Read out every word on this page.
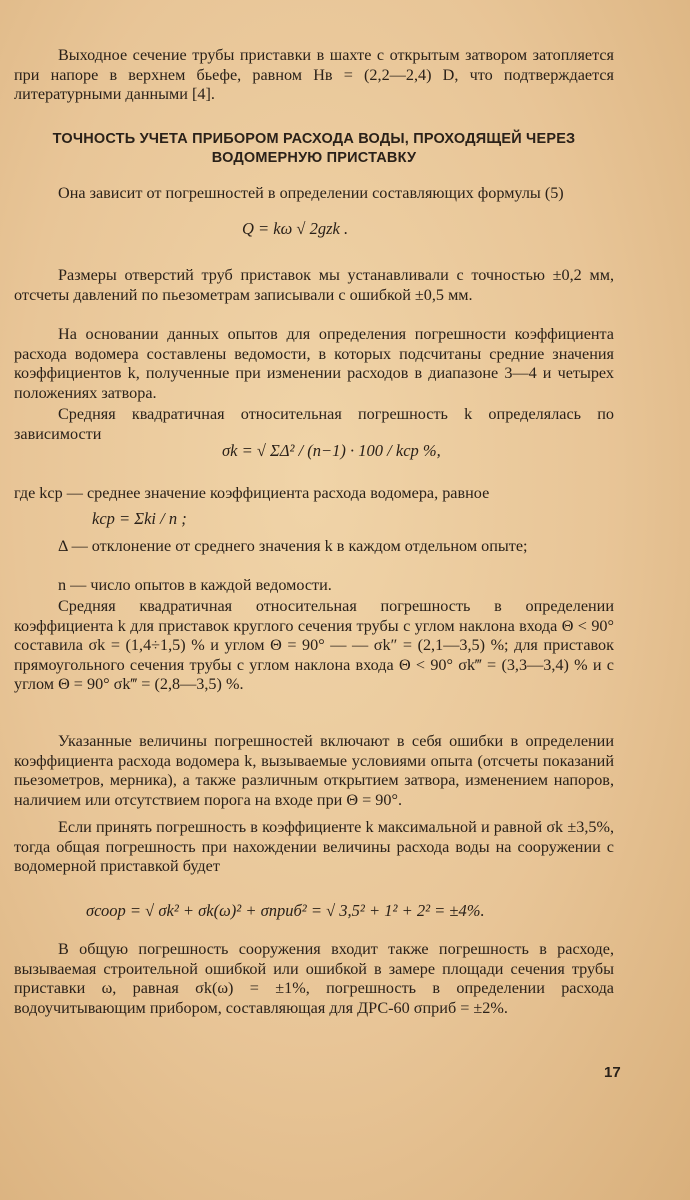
Выходное сечение трубы приставки в шахте с открытым затвором затопляется при напоре в верхнем бьефе, равном Hв = (2,2—2,4) D, что подтверждается литературными данными [4].

ТОЧНОСТЬ УЧЕТА ПРИБОРОМ РАСХОДА ВОДЫ, ПРОХОДЯЩЕЙ ЧЕРЕЗ ВОДОМЕРНУЮ ПРИСТАВКУ

Она зависит от погрешностей в определении составляющих формулы (5)

Q = kω √ 2gzk .

Размеры отверстий труб приставок мы устанавливали с точностью ±0,2 мм, отсчеты давлений по пьезометрам записывали с ошибкой ±0,5 мм.

На основании данных опытов для определения погрешности коэффициента расхода водомера составлены ведомости, в которых подсчитаны средние значения коэффициентов k, полученные при изменении расходов в диапазоне 3—4 и четырех положениях затвора.

Средняя квадратичная относительная погрешность k определялась по зависимости

σk = √ ΣΔ² / (n−1) · 100 / kср %,

где kср — среднее значение коэффициента расхода водомера, равное

kср = Σki / n ;

Δ — отклонение от среднего значения k в каждом отдельном опыте;

n — число опытов в каждой ведомости.

Средняя квадратичная относительная погрешность в определении коэффициента k для приставок круглого сечения трубы с углом наклона входа Θ < 90° составила σk = (1,4÷1,5) % и углом Θ = 90° — — σk″ = (2,1—3,5) %; для приставок прямоугольного сечения трубы с углом наклона входа Θ < 90° σk‴ = (3,3—3,4) % и с углом Θ = 90° σk‴ = (2,8—3,5) %.

Указанные величины погрешностей включают в себя ошибки в определении коэффициента расхода водомера k, вызываемые условиями опыта (отсчеты показаний пьезометров, мерника), а также различным открытием затвора, изменением напоров, наличием или отсутствием порога на входе при Θ = 90°.

Если принять погрешность в коэффициенте k максимальной и равной σk ±3,5%, тогда общая погрешность при нахождении величины расхода воды на сооружении с водомерной приставкой будет

σсоор = √ σk² + σk(ω)² + σприб² = √ 3,5² + 1² + 2² = ±4%.

В общую погрешность сооружения входит также погрешность в расходе, вызываемая строительной ошибкой или ошибкой в замере площади сечения трубы приставки ω, равная σk(ω) = ±1%, погрешность в определении расхода водоучитывающим прибором, составляющая для ДРС-60 σприб = ±2%.

17
